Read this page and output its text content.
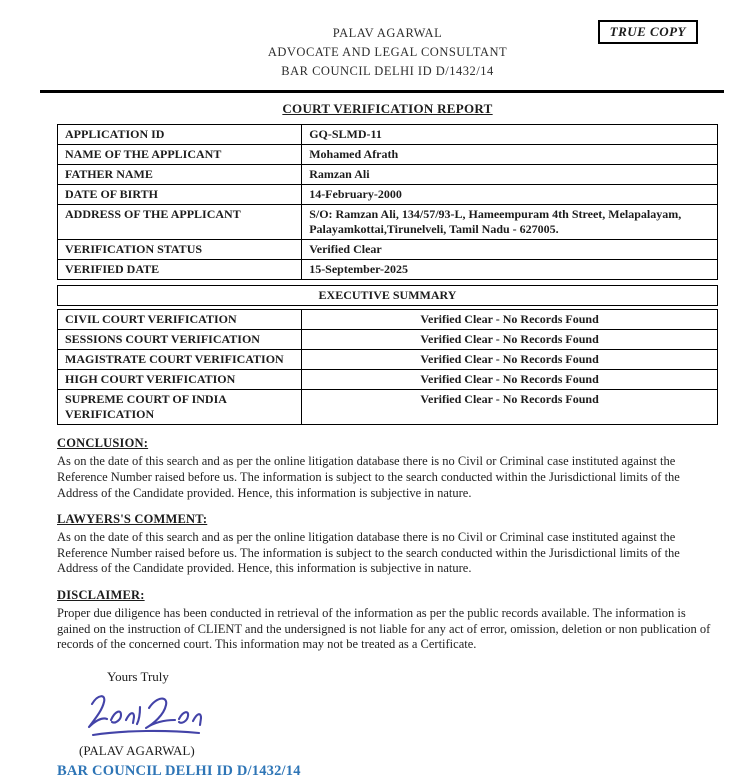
TRUE COPY
PALAV AGARWAL
ADVOCATE AND LEGAL CONSULTANT
BAR COUNCIL DELHI ID D/1432/14
COURT VERIFICATION REPORT
APPLICATION ID	GQ-SLMD-11
NAME OF THE APPLICANT	Mohamed Afrath
FATHER NAME	Ramzan Ali
DATE OF BIRTH	14-February-2000
ADDRESS OF THE APPLICANT	S/O: Ramzan Ali, 134/57/93-L, Hameempuram 4th Street, Melapalayam, Palayamkottai,Tirunelveli, Tamil Nadu - 627005.
VERIFICATION STATUS	Verified Clear
VERIFIED DATE	15-September-2025
EXECUTIVE SUMMARY
CIVIL COURT VERIFICATION	Verified Clear - No Records Found
SESSIONS COURT VERIFICATION	Verified Clear - No Records Found
MAGISTRATE COURT VERIFICATION	Verified Clear - No Records Found
HIGH COURT VERIFICATION	Verified Clear - No Records Found
SUPREME COURT OF INDIA VERIFICATION	Verified Clear - No Records Found
CONCLUSION:

As on the date of this search and as per the online litigation database there is no Civil or Criminal case instituted against the Reference Number raised before us. The information is subject to the search conducted within the Jurisdictional limits of the Address of the Candidate provided. Hence, this information is subjective in nature.

LAWYERS'S COMMENT:

As on the date of this search and as per the online litigation database there is no Civil or Criminal case instituted against the Reference Number raised before us. The information is subject to the search conducted within the Jurisdictional limits of the Address of the Candidate provided. Hence, this information is subjective in nature.

DISCLAIMER:

Proper due diligence has been conducted in retrieval of the information as per the public records available. The information is gained on the instruction of CLIENT and the undersigned is not liable for any act of error, omission, deletion or non publication of records of the concerned court. This information may not be treated as a Certificate.

Yours Truly
(PALAV AGARWAL)
BAR COUNCIL DELHI ID D/1432/14
